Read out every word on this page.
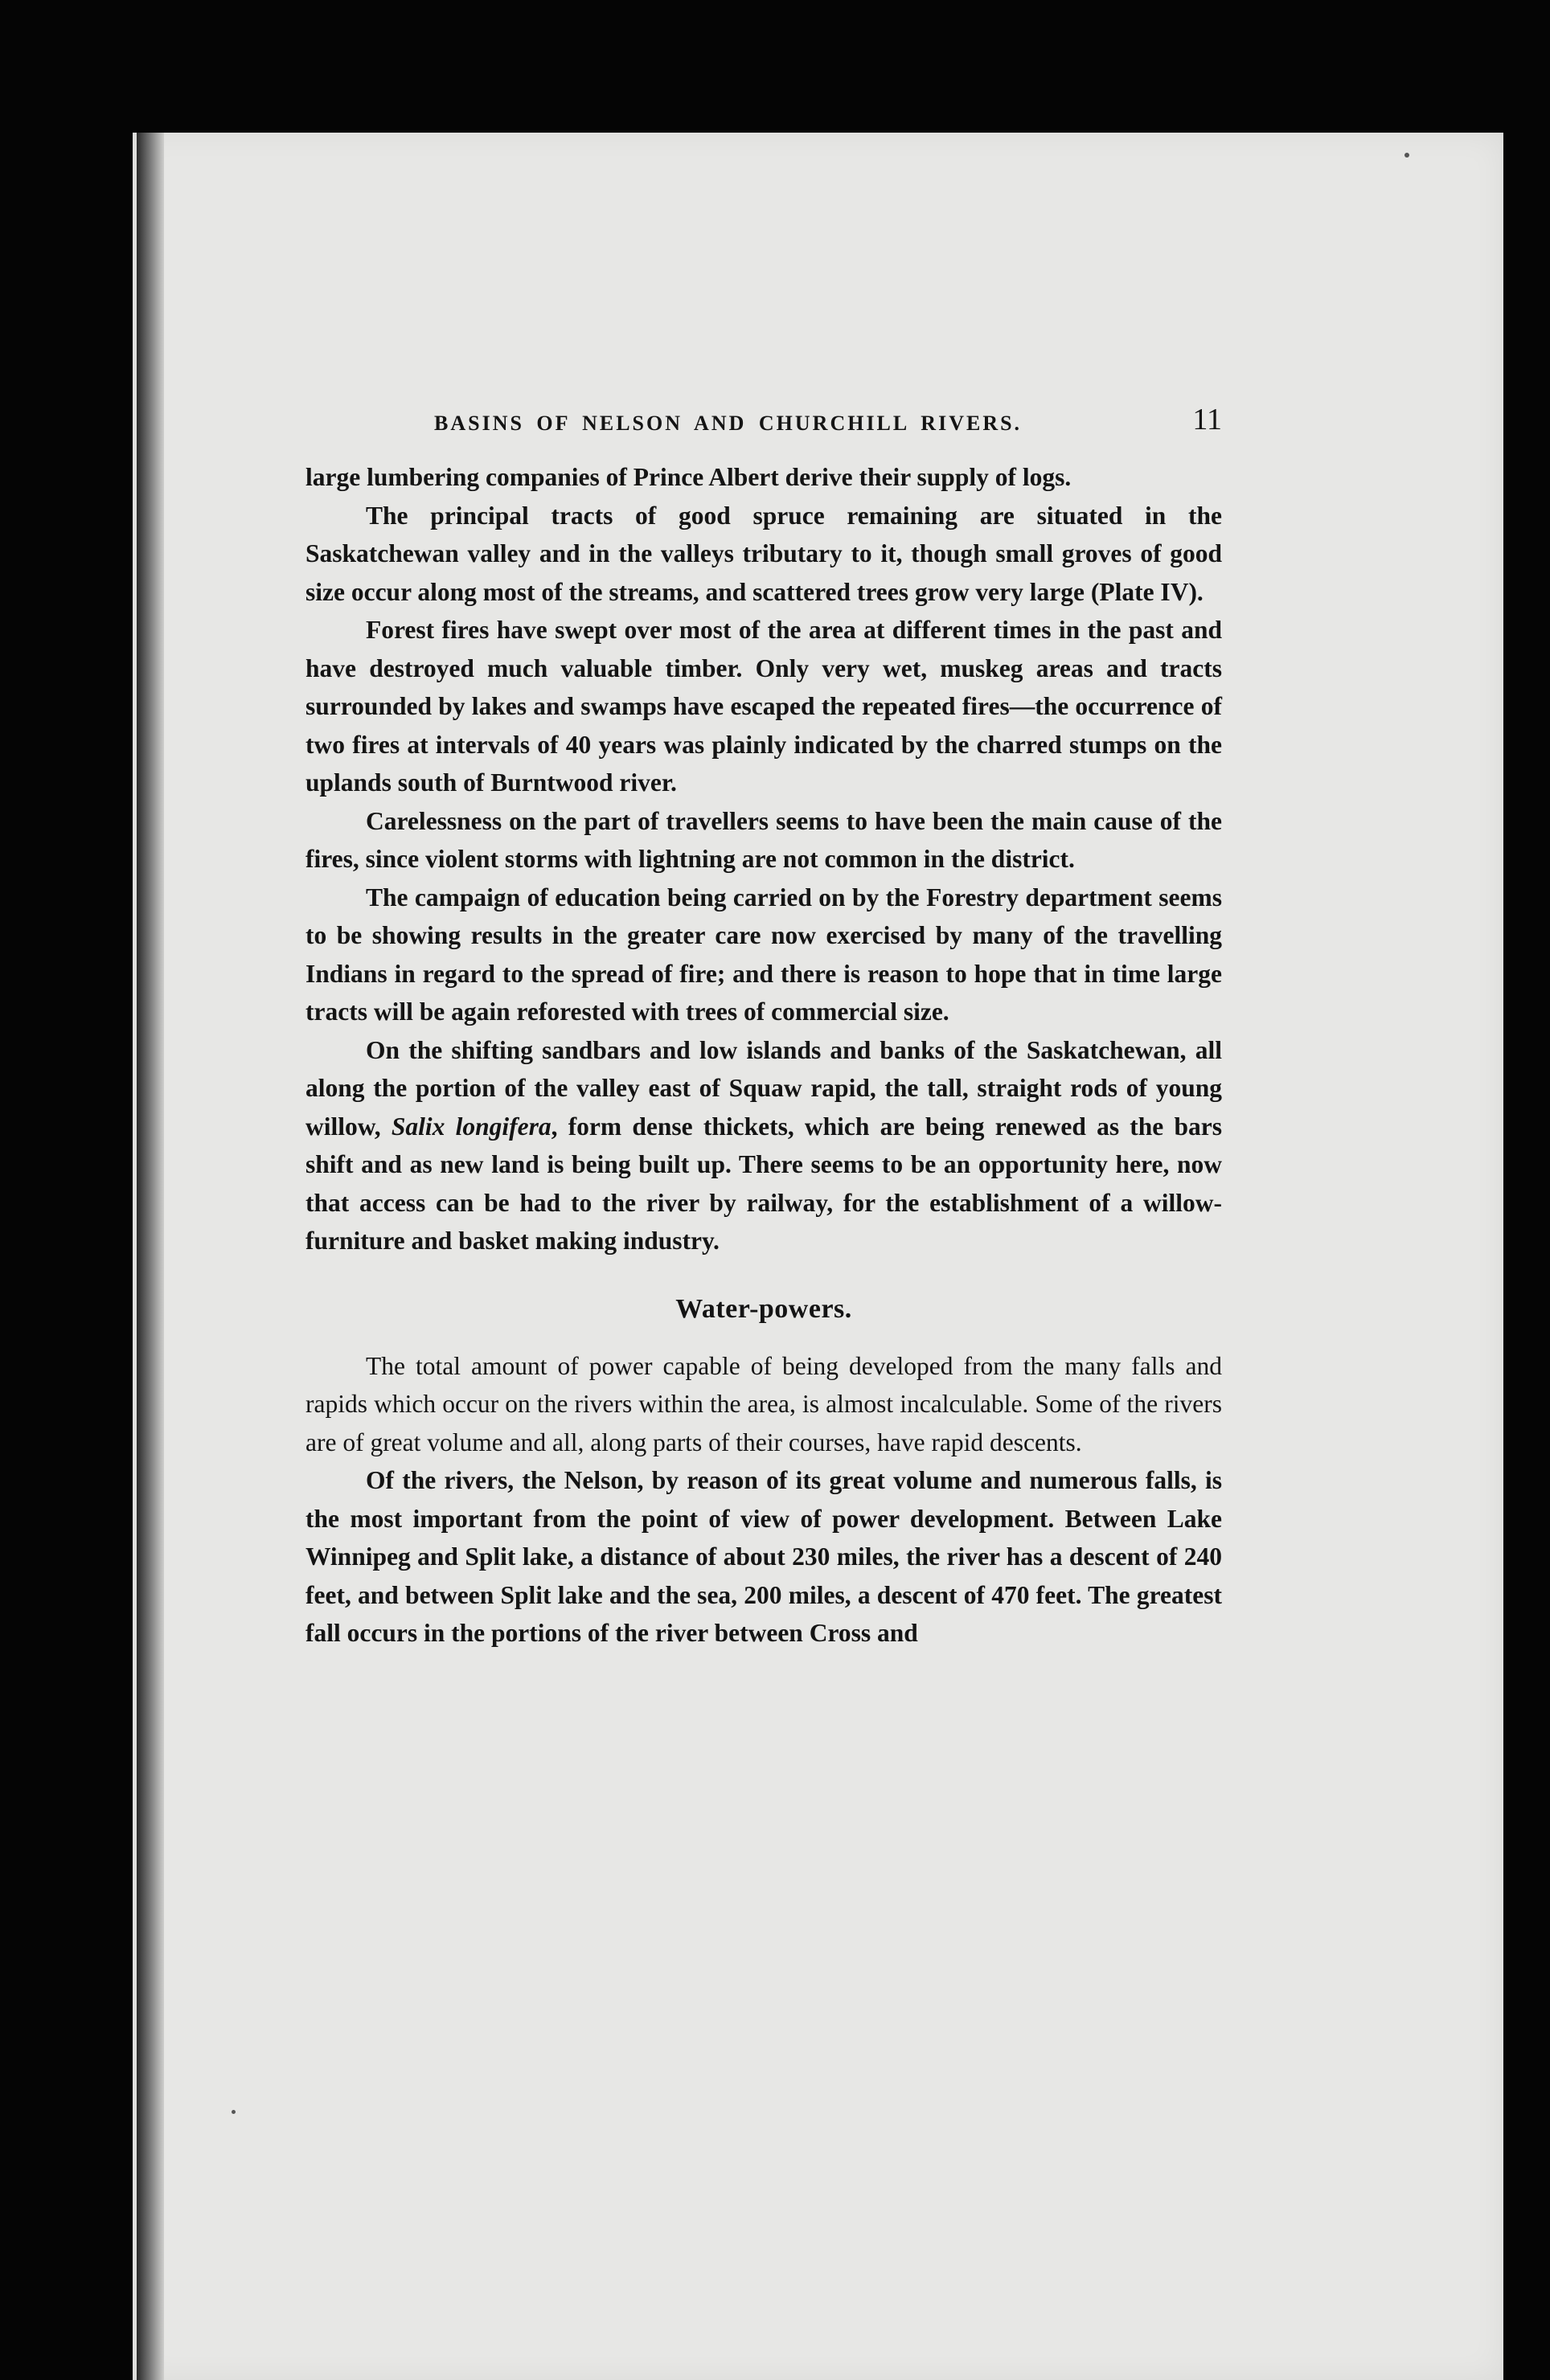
BASINS OF NELSON AND CHURCHILL RIVERS.	11

large lumbering companies of Prince Albert derive their supply of logs.

The principal tracts of good spruce remaining are situated in the Saskatchewan valley and in the valleys tributary to it, though small groves of good size occur along most of the streams, and scattered trees grow very large (Plate IV).

Forest fires have swept over most of the area at different times in the past and have destroyed much valuable timber. Only very wet, muskeg areas and tracts surrounded by lakes and swamps have escaped the repeated fires—the occurrence of two fires at intervals of 40 years was plainly indicated by the charred stumps on the uplands south of Burntwood river.

Carelessness on the part of travellers seems to have been the main cause of the fires, since violent storms with lightning are not common in the district.

The campaign of education being carried on by the Forestry department seems to be showing results in the greater care now exercised by many of the travelling Indians in regard to the spread of fire; and there is reason to hope that in time large tracts will be again reforested with trees of commercial size.

On the shifting sandbars and low islands and banks of the Saskatchewan, all along the portion of the valley east of Squaw rapid, the tall, straight rods of young willow, Salix longifera, form dense thickets, which are being renewed as the bars shift and as new land is being built up. There seems to be an opportunity here, now that access can be had to the river by railway, for the establishment of a willow-furniture and basket making industry.

Water-powers.

The total amount of power capable of being developed from the many falls and rapids which occur on the rivers within the area, is almost incalculable. Some of the rivers are of great volume and all, along parts of their courses, have rapid descents.

Of the rivers, the Nelson, by reason of its great volume and numerous falls, is the most important from the point of view of power development. Between Lake Winnipeg and Split lake, a distance of about 230 miles, the river has a descent of 240 feet, and between Split lake and the sea, 200 miles, a descent of 470 feet. The greatest fall occurs in the portions of the river between Cross and
